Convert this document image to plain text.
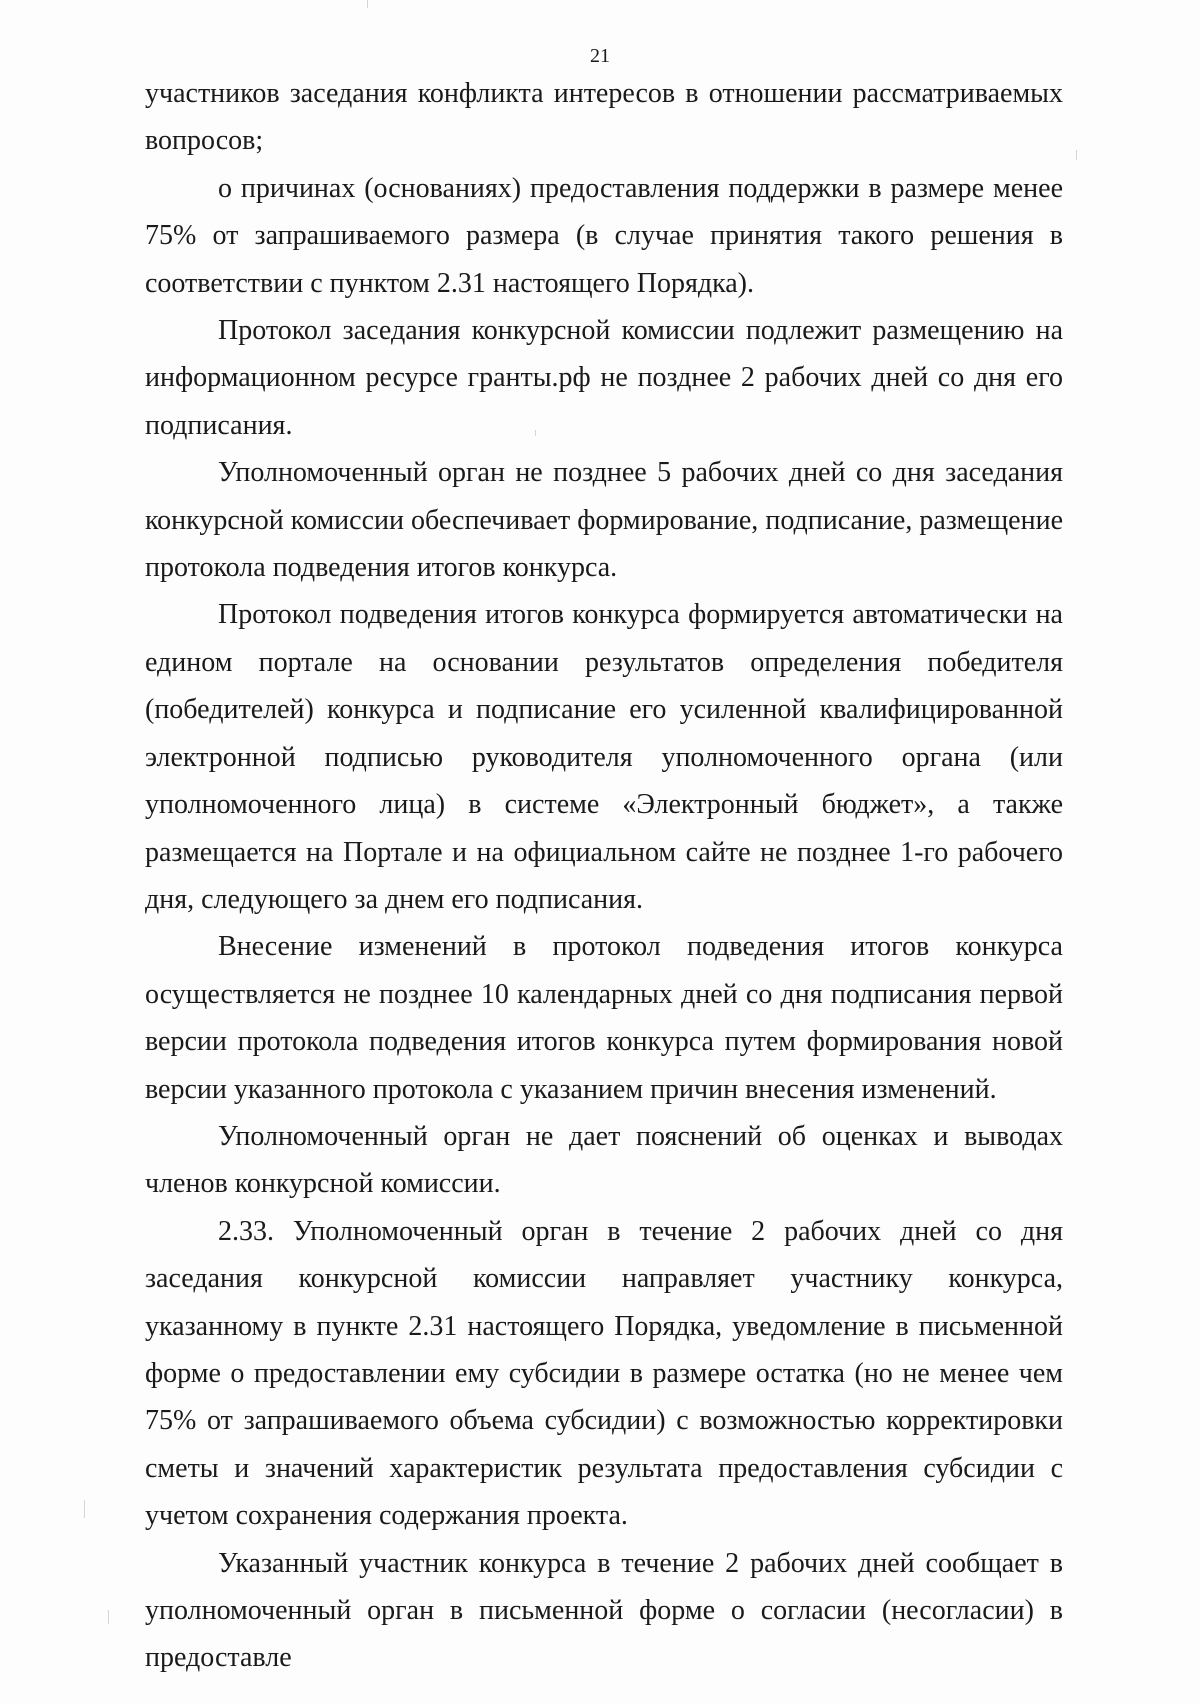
21

участников заседания конфликта интересов в отношении рассматриваемых вопросов;

о причинах (основаниях) предоставления поддержки в размере менее 75% от запрашиваемого размера (в случае принятия такого решения в соответствии с пунктом 2.31 настоящего Порядка).

Протокол заседания конкурсной комиссии подлежит размещению на информационном ресурсе гранты.рф не позднее 2 рабочих дней со дня его подписания.

Уполномоченный орган не позднее 5 рабочих дней со дня заседания конкурсной комиссии обеспечивает формирование, подписание, размещение протокола подведения итогов конкурса.

Протокол подведения итогов конкурса формируется автоматически на едином портале на основании результатов определения победителя (победителей) конкурса и подписание его усиленной квалифицированной электронной подписью руководителя уполномоченного органа (или уполномоченного лица) в системе «Электронный бюджет», а также размещается на Портале и на официальном сайте не позднее 1-го рабочего дня, следующего за днем его подписания.

Внесение изменений в протокол подведения итогов конкурса осуществляется не позднее 10 календарных дней со дня подписания первой версии протокола подведения итогов конкурса путем формирования новой версии указанного протокола с указанием причин внесения изменений.

Уполномоченный орган не дает пояснений об оценках и выводах членов конкурсной комиссии.

2.33. Уполномоченный орган в течение 2 рабочих дней со дня заседания конкурсной комиссии направляет участнику конкурса, указанному в пункте 2.31 настоящего Порядка, уведомление в письменной форме о предоставлении ему субсидии в размере остатка (но не менее чем 75% от запрашиваемого объема субсидии) с возможностью корректировки сметы и значений характеристик результата предоставления субсидии с учетом сохранения содержания проекта.

Указанный участник конкурса в течение 2 рабочих дней сообщает в уполномоченный орган в письменной форме о согласии (несогласии) в предоставле
